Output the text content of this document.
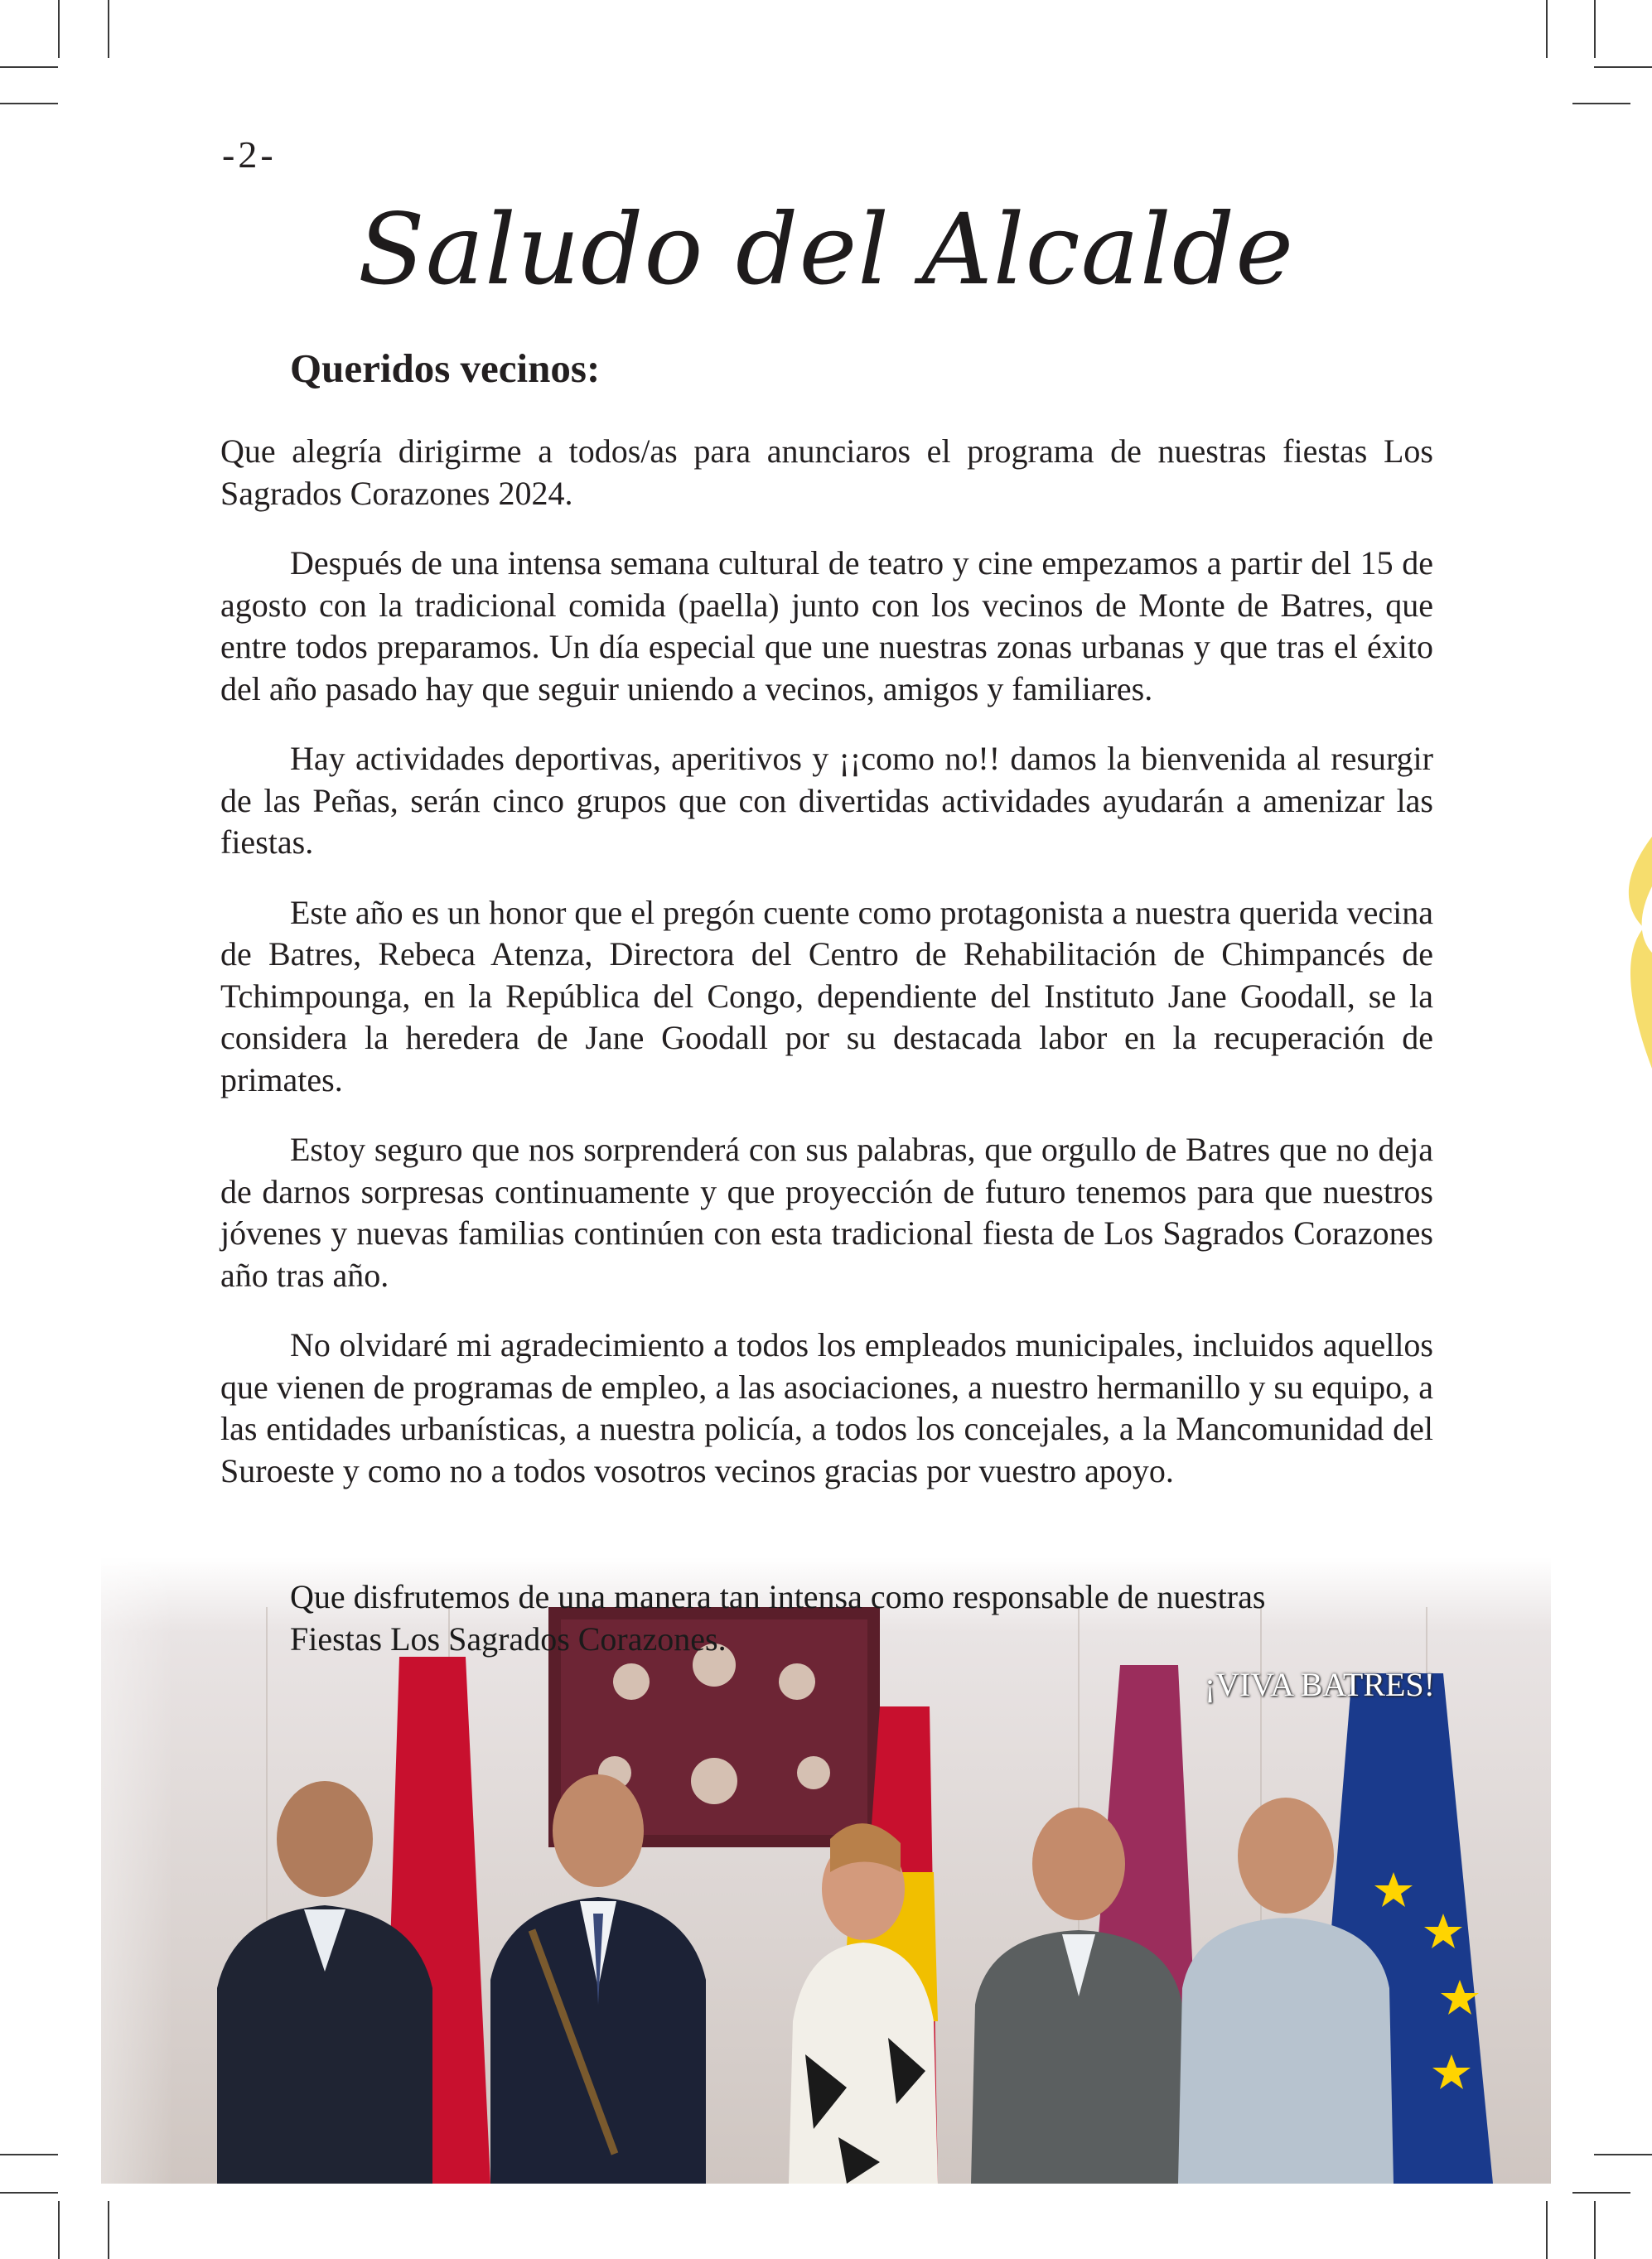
-2-
Saludo del Alcalde
Queridos vecinos:

Que alegría dirigirme a todos/as para anunciaros el programa de nuestras fiestas Los Sagrados Corazones 2024.

Después de una intensa semana cultural de teatro y cine empezamos a partir del 15 de agosto con la tradicional comida (paella) junto con los vecinos de Monte de Batres, que entre todos preparamos. Un día especial que une nuestras zonas urbanas y que tras el éxito del año pasado hay que seguir uniendo a vecinos, amigos y familiares.

Hay actividades deportivas, aperitivos y ¡¡como no!! damos la bienvenida al resurgir de las Peñas, serán cinco grupos que con divertidas actividades ayudarán a amenizar las fiestas.

Este año es un honor que el pregón cuente como protagonista a nuestra querida vecina de Batres, Rebeca Atenza, Directora del Centro de Rehabilitación de Chimpancés de Tchimpounga, en la República del Congo, dependiente del Instituto Jane Goodall, se la considera la heredera de Jane Goodall por su destacada labor en la recuperación de primates.

Estoy seguro que nos sorprenderá con sus palabras, que orgullo de Batres que no deja de darnos sorpresas continuamente y que proyección de futuro tenemos para que nuestros jóvenes y nuevas familias continúen con esta tradicional fiesta de Los Sagrados Corazones año tras año.

No olvidaré mi agradecimiento a todos los empleados municipales, incluidos aquellos que vienen de programas de empleo, a las asociaciones, a nuestro hermanillo y su equipo, a las entidades urbanísticas, a nuestra policía, a todos los concejales, a la Mancomunidad del Suroeste y como no a todos vosotros vecinos gracias por vuestro apoyo.

Que disfrutemos de una manera tan intensa como responsable de nuestras

Fiestas Los Sagrados Corazones.
¡VIVA BATRES!
